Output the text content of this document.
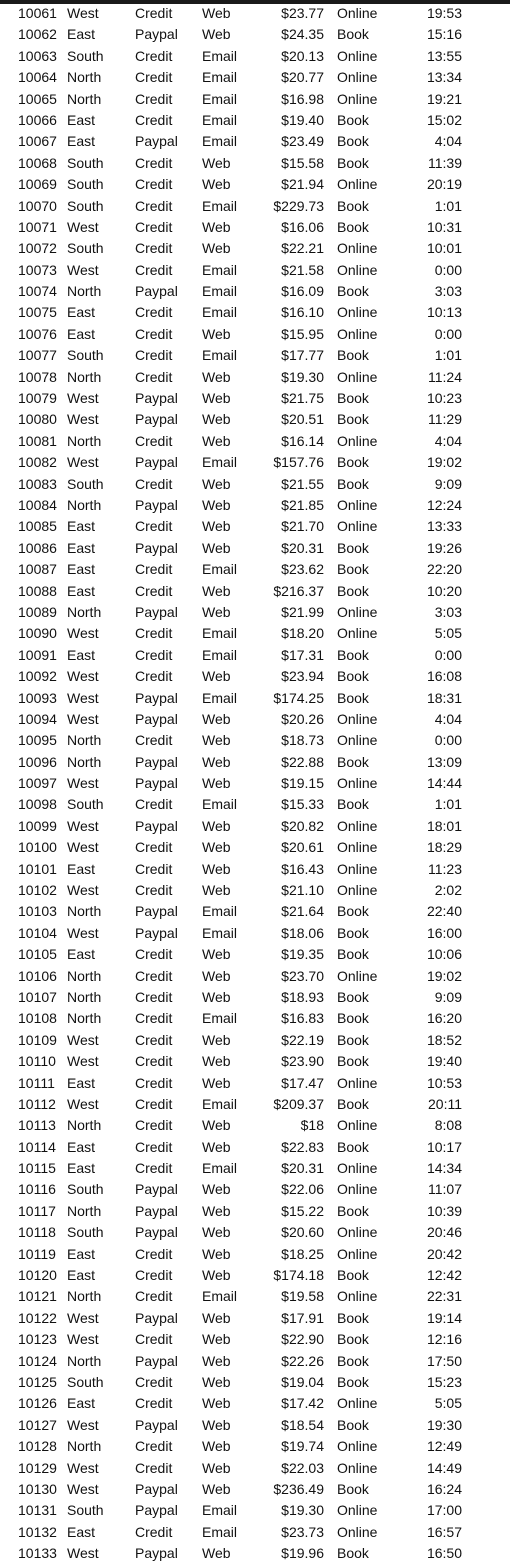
10061 West	Credit Web	$23.77 Online	19:53
10062 East	Paypal Web	$24.35 Book	15:16
10063 South Credit Email	$20.13 Online	13:55
10064 North Credit Email	$20.77 Online	13:34
10065 North Credit Email	$16.98 Online	19:21
10066 East	Credit Email	$19.40 Book	15:02
10067 East	Paypal Email	$23.49 Book	4:04
10068 South Credit Web	$15.58 Book	11:39
10069 South Credit Web	$21.94 Online	20:19
10070 South Credit Email	$229.73 Book	1:01
10071 West	Credit Web	$16.06 Book	10:31
10072 South Credit Web	$22.21 Online	10:01
10073 West	Credit Email	$21.58 Online	0:00
10074 North Paypal Email	$16.09 Book	3:03
10075 East	Credit Email	$16.10 Online	10:13
10076 East	Credit Web	$15.95 Online	0:00
10077 South Credit Email	$17.77 Book	1:01
10078 North Credit Web	$19.30 Online	11:24
10079 West	Paypal Web	$21.75 Book	10:23
10080 West	Paypal Web	$20.51 Book	11:29
10081 North Credit Web	$16.14 Online	4:04
10082 West	Paypal Email	$157.76 Book	19:02
10083 South Credit Web	$21.55 Book	9:09
10084 North Paypal Web	$21.85 Online	12:24
10085 East	Credit Web	$21.70 Online	13:33
10086 East	Paypal Web	$20.31 Book	19:26
10087 East	Credit Email	$23.62 Book	22:20
10088 East	Credit Web	$216.37 Book	10:20
10089 North Paypal Web	$21.99 Online	3:03
10090 West	Credit Email	$18.20 Online	5:05
10091 East	Credit Email	$17.31 Book	0:00
10092 West	Credit Web	$23.94 Book	16:08
10093 West	Paypal Email	$174.25 Book	18:31
10094 West	Paypal Web	$20.26 Online	4:04
10095 North Credit Web	$18.73 Online	0:00
10096 North Paypal Web	$22.88 Book	13:09
10097 West	Paypal Web	$19.15 Online	14:44
10098 South Credit Email	$15.33 Book	1:01
10099 West	Paypal Web	$20.82 Online	18:01
10100 West	Credit Web	$20.61 Online	18:29
10101 East	Credit Web	$16.43 Online	11:23
10102 West	Credit Web	$21.10 Online	2:02
10103 North Paypal Email	$21.64 Book	22:40
10104 West	Paypal Email	$18.06 Book	16:00
10105 East	Credit Web	$19.35 Book	10:06
10106 North Credit Web	$23.70 Online	19:02
10107 North Credit Web	$18.93 Book	9:09
10108 North Credit Email	$16.83 Book	16:20
10109 West	Credit Web	$22.19 Book	18:52
10110 West	Credit Web	$23.90 Book	19:40
10111 East	Credit Web	$17.47 Online	10:53
10112 West	Credit Email	$209.37 Book	20:11
10113 North Credit Web	$18 Online	8:08
10114 East	Credit Web	$22.83 Book	10:17
10115 East	Credit Email	$20.31 Online	14:34
10116 South Paypal Web	$22.06 Online	11:07
10117 North Paypal Web	$15.22 Book	10:39
10118 South Paypal Web	$20.60 Online	20:46
10119 East	Credit Web	$18.25 Online	20:42
10120 East	Credit Web	$174.18 Book	12:42
10121 North Credit Email	$19.58 Online	22:31
10122 West	Paypal Web	$17.91 Book	19:14
10123 West	Credit Web	$22.90 Book	12:16
10124 North Paypal Web	$22.26 Book	17:50
10125 South Credit Web	$19.04 Book	15:23
10126 East	Credit Web	$17.42 Online	5:05
10127 West	Paypal Web	$18.54 Book	19:30
10128 North Credit Web	$19.74 Online	12:49
10129 West	Credit Web	$22.03 Online	14:49
10130 West	Paypal Web	$236.49 Book	16:24
10131 South Paypal Email	$19.30 Online	17:00
10132 East	Credit Email	$23.73 Online	16:57
10133 West	Paypal Web	$19.96 Book	16:50
